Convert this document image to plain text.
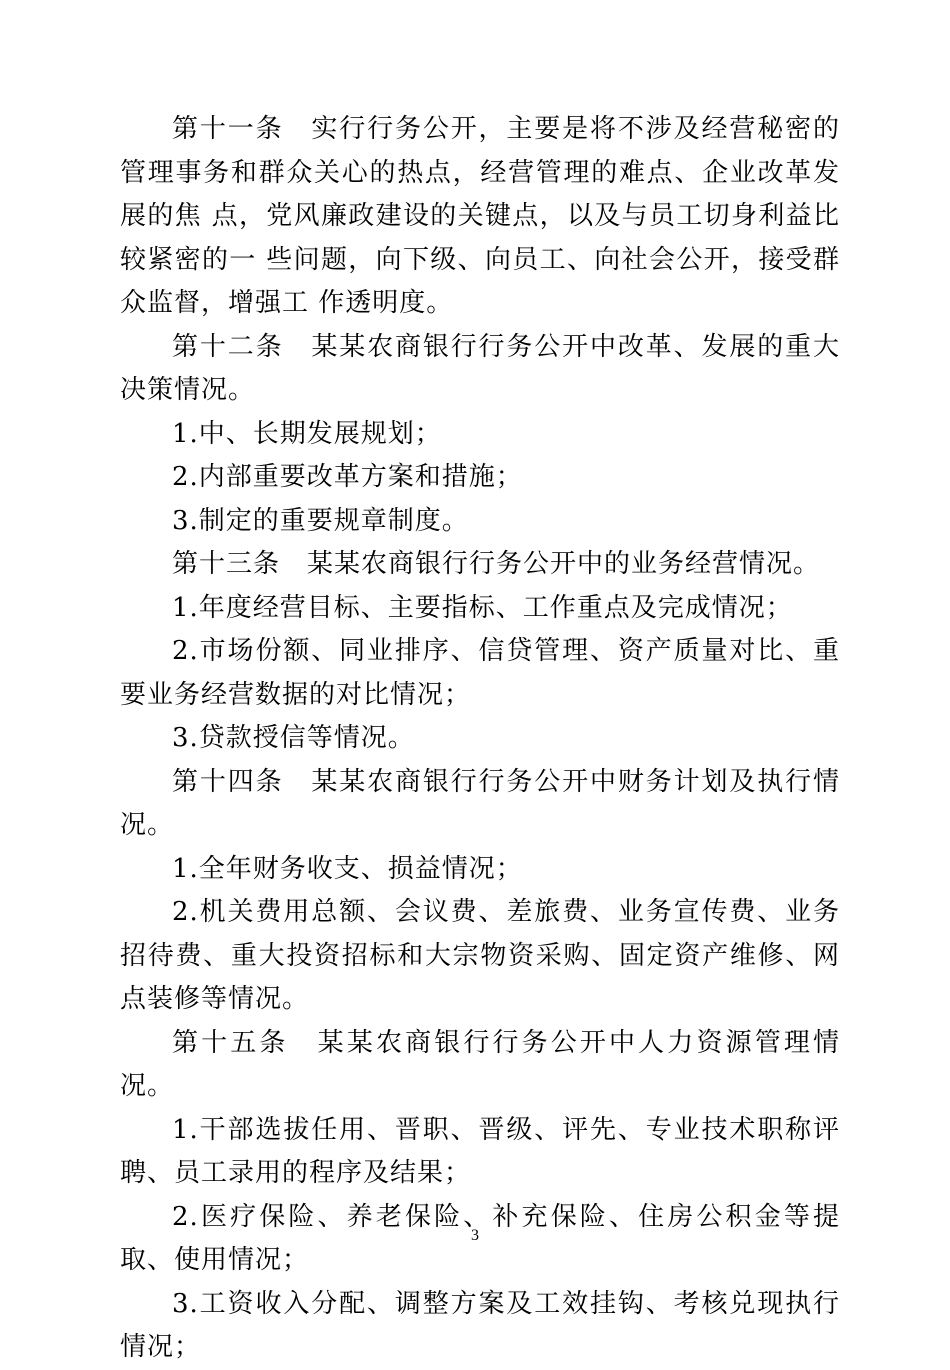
第十一条　实行行务公开，主要是将不涉及经营秘密的管理事务和群众关心的热点，经营管理的难点、企业改革发展的焦 点，党风廉政建设的关键点，以及与员工切身利益比较紧密的一 些问题，向下级、向员工、向社会公开，接受群众监督，增强工 作透明度。

第十二条　某某农商银行行务公开中改革、发展的重大决策情况。

1.中、长期发展规划；

2.内部重要改革方案和措施；

3.制定的重要规章制度。

第十三条　某某农商银行行务公开中的业务经营情况。

1.年度经营目标、主要指标、工作重点及完成情况；

2.市场份额、同业排序、信贷管理、资产质量对比、重要业务经营数据的对比情况；

3.贷款授信等情况。

第十四条　某某农商银行行务公开中财务计划及执行情况。

1.全年财务收支、损益情况；

2.机关费用总额、会议费、差旅费、业务宣传费、业务招待费、重大投资招标和大宗物资采购、固定资产维修、网点装修等情况。

第十五条　某某农商银行行务公开中人力资源管理情况。

1.干部选拔任用、晋职、晋级、评先、专业技术职称评聘、员工录用的程序及结果；

2.医疗保险、养老保险、补充保险、住房公积金等提取、使用情况；

3.工资收入分配、调整方案及工效挂钩、考核兑现执行情况；

3
